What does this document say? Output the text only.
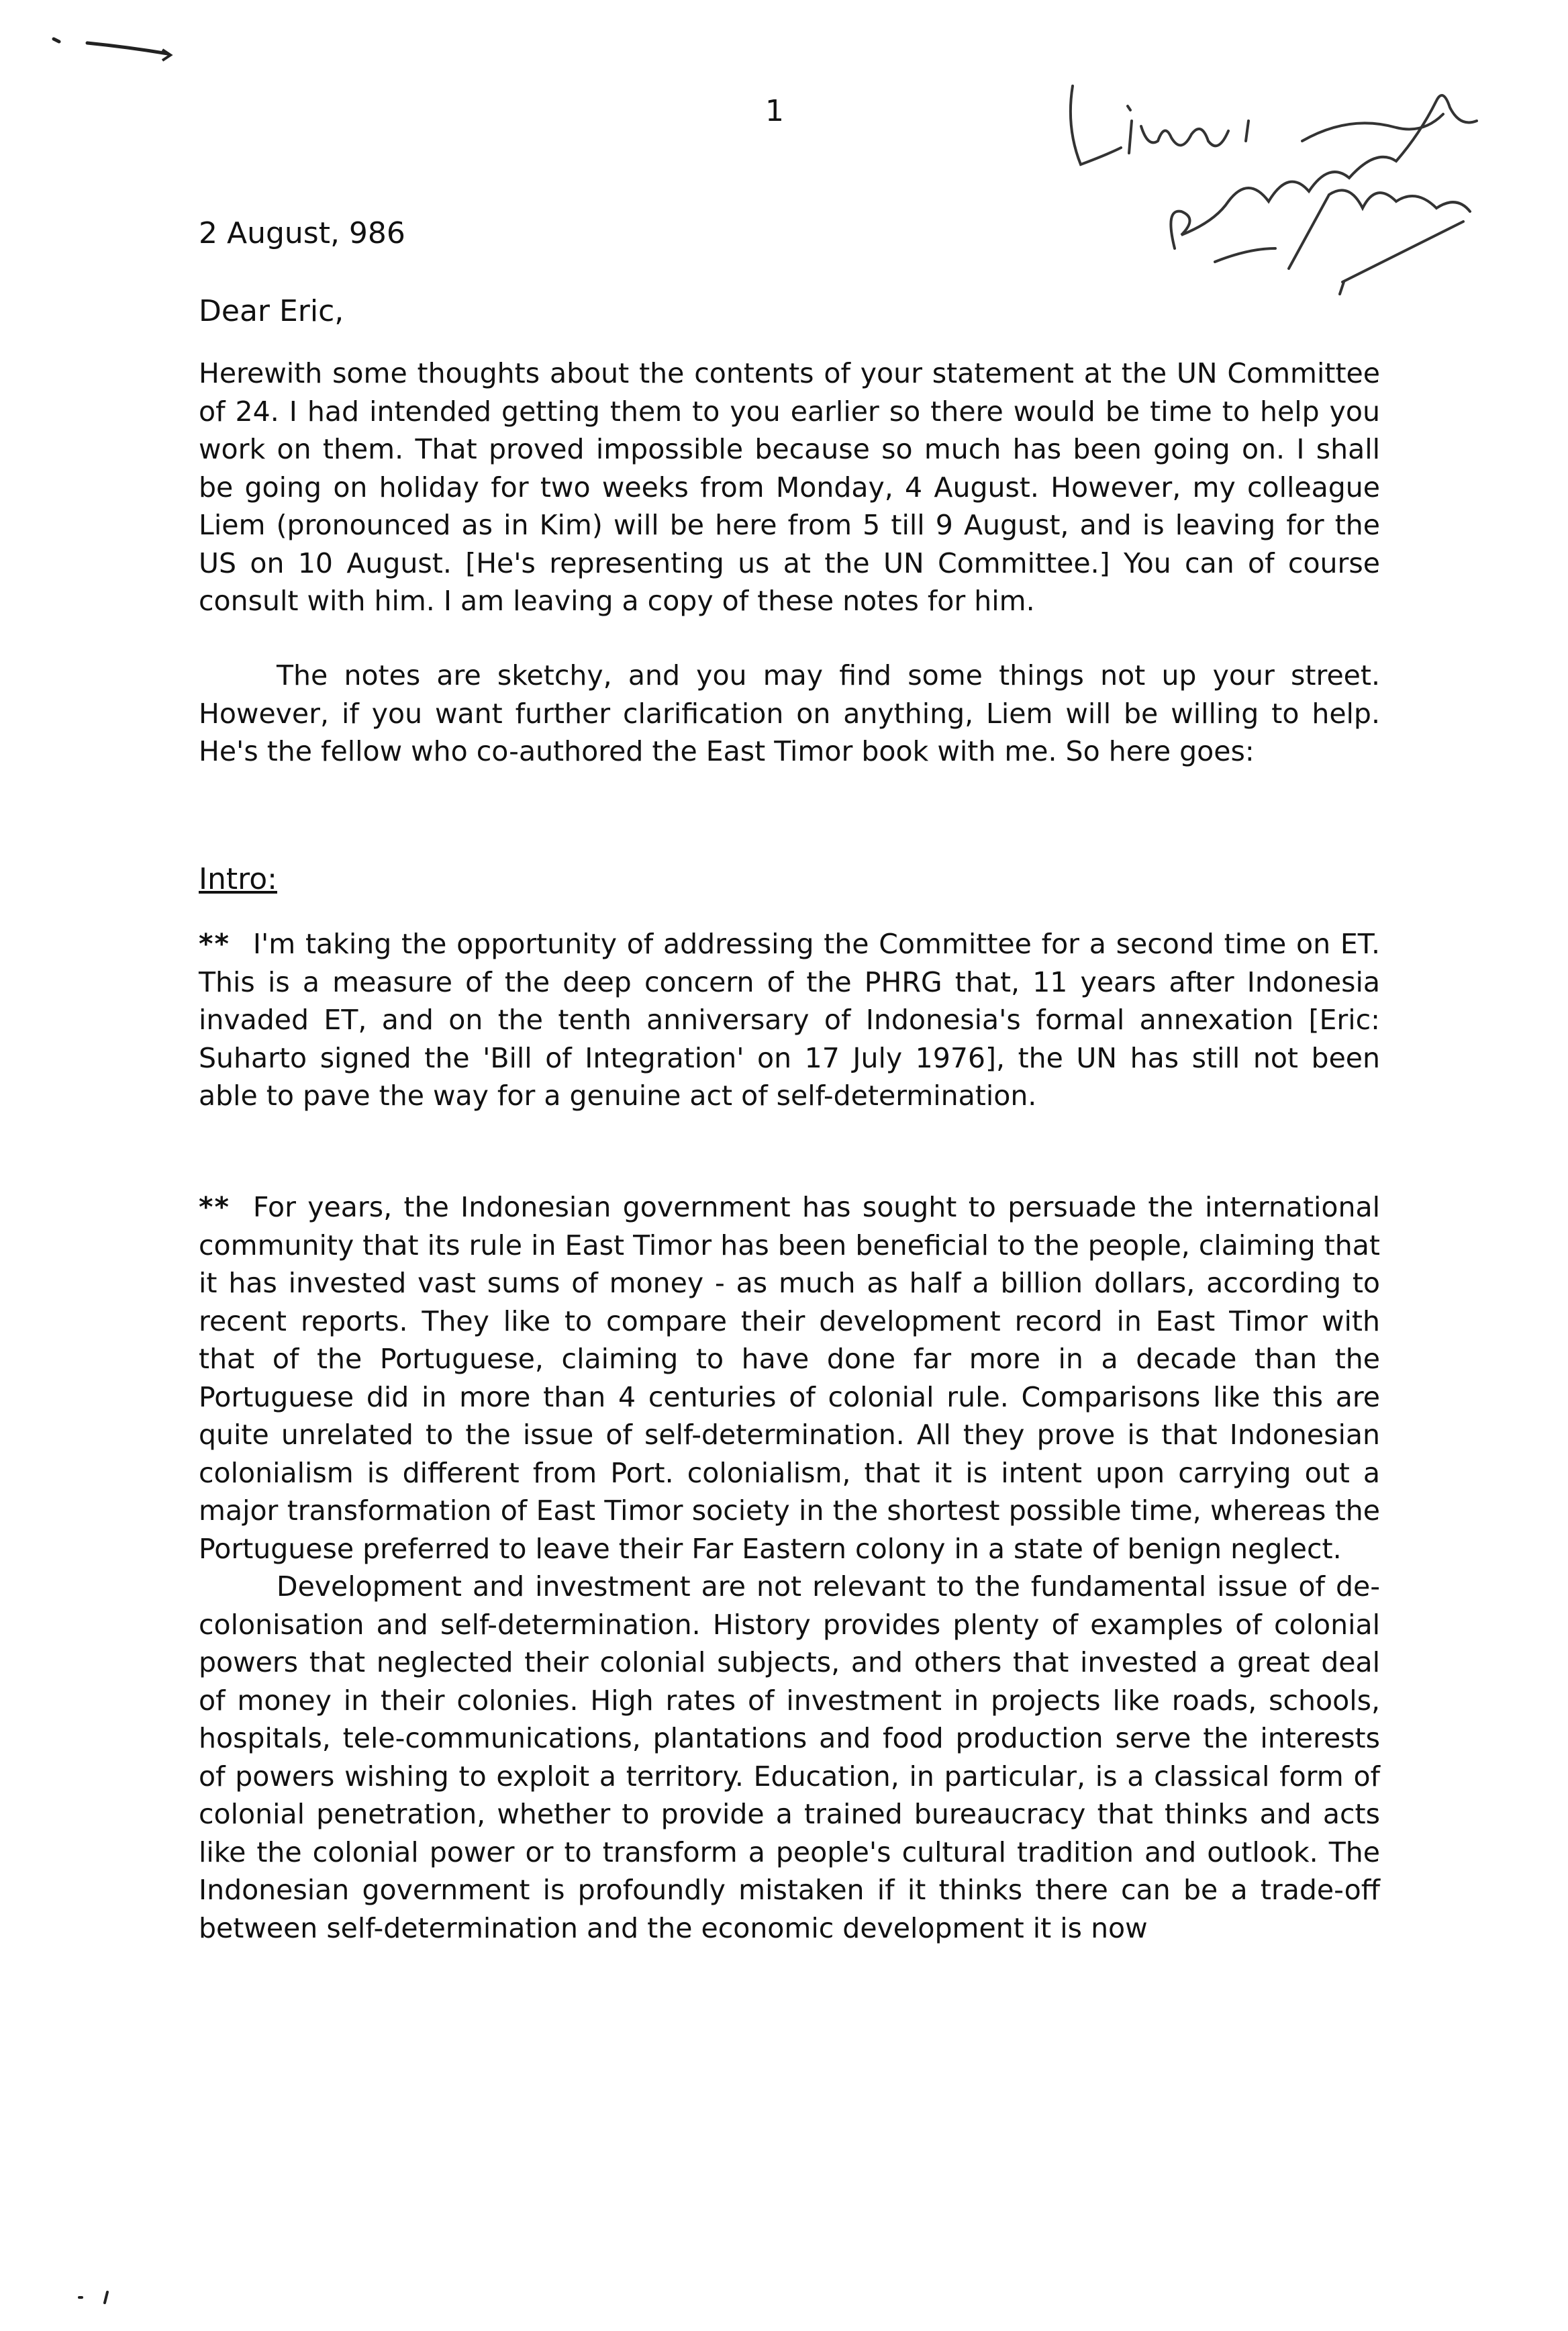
1
2 August, 986
Dear Eric,

Herewith some thoughts about the contents of your statement at the UN Committee of 24. I had intended getting them to you earlier so there would be time to help you work on them. That proved impossible because so much has been going on. I shall be going on holiday for two weeks from Monday, 4 August. However, my colleague Liem (pronounced as in Kim) will be here from 5 till 9 August, and is leaving for the US on 10 August. [He's representing us at the UN Committee.] You can of course consult with him. I am leaving a copy of these notes for him.

The notes are sketchy, and you may find some things not up your street. However, if you want further clarification on anything, Liem will be willing to help. He's the fellow who co-authored the East Timor book with me. So here goes:

Intro:

** I'm taking the opportunity of addressing the Committee for a second time on ET. This is a measure of the deep concern of the PHRG that, 11 years after Indonesia invaded ET, and on the tenth anniversary of Indonesia's formal annexation [Eric: Suharto signed the 'Bill of Integration' on 17 July 1976], the UN has still not been able to pave the way for a genuine act of self-determination.

** For years, the Indonesian government has sought to persuade the international community that its rule in East Timor has been beneficial to the people, claiming that it has invested vast sums of money - as much as half a billion dollars, according to recent reports. They like to compare their development record in East Timor with that of the Portuguese, claiming to have done far more in a decade than the Portuguese did in more than 4 centuries of colonial rule. Comparisons like this are quite unrelated to the issue of self-determination. All they prove is that Indonesian colonialism is different from Port. colonialism, that it is intent upon carrying out a major transformation of East Timor society in the shortest possible time, whereas the Portuguese preferred to leave their Far Eastern colony in a state of benign neglect.

Development and investment are not relevant to the fundamental issue of de-colonisation and self-determination. History provides plenty of examples of colonial powers that neglected their colonial subjects, and others that invested a great deal of money in their colonies. High rates of investment in projects like roads, schools, hospitals, tele-communications, plantations and food production serve the interests of powers wishing to exploit a territory. Education, in particular, is a classical form of colonial penetration, whether to provide a trained bureaucracy that thinks and acts like the colonial power or to transform a people's cultural tradition and outlook. The Indonesian government is profoundly mistaken if it thinks there can be a trade-off between self-determination and the economic development it is now
